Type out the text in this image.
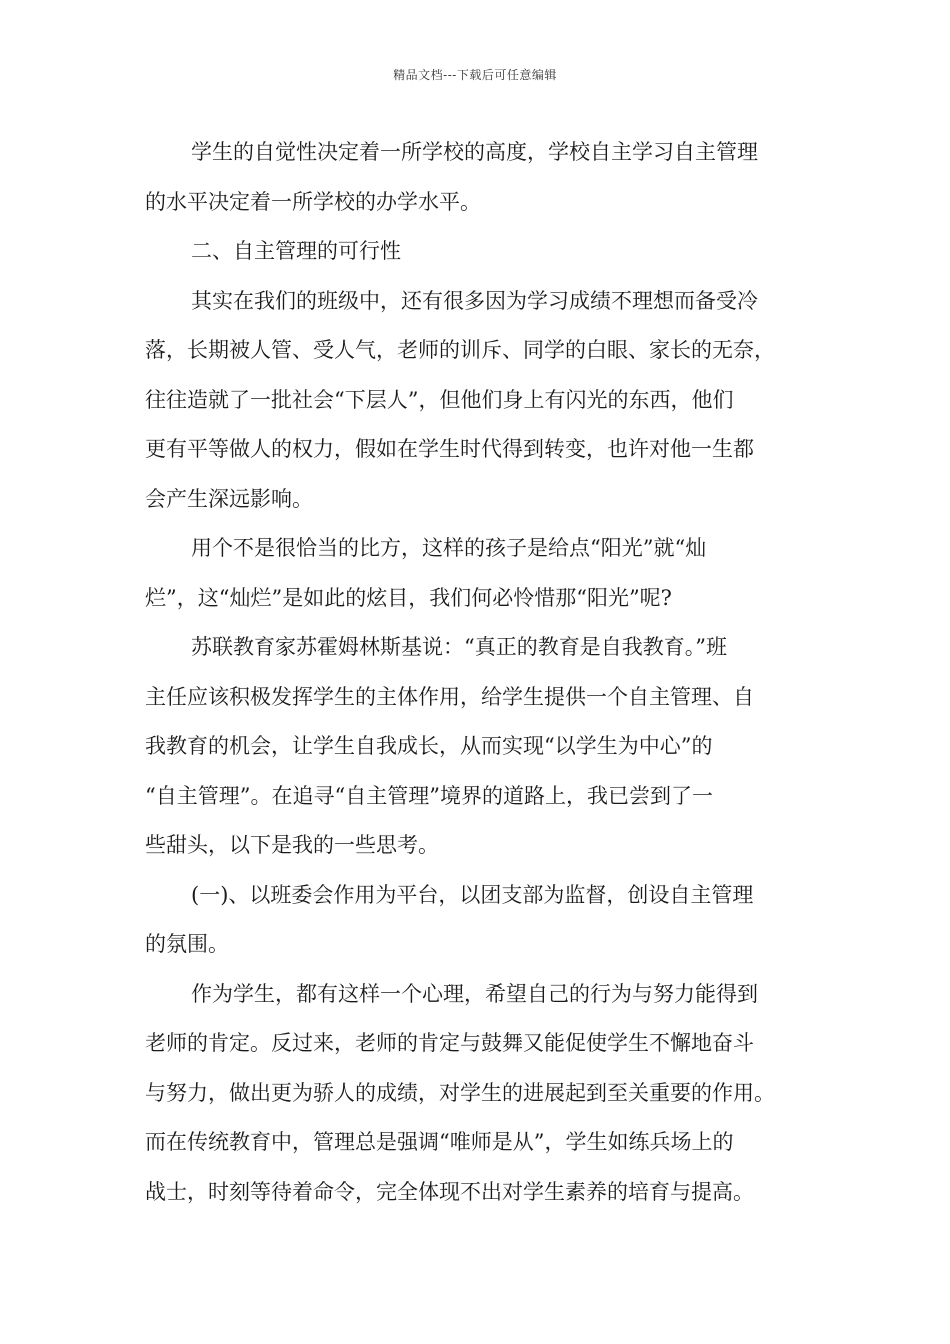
精品文档---下载后可任意编辑
学生的自觉性决定着一所学校的高度，学校自主学习自主管理
的水平决定着一所学校的办学水平。
二、自主管理的可行性
其实在我们的班级中，还有很多因为学习成绩不理想而备受冷
落，长期被人管、受人气，老师的训斥、同学的白眼、家长的无奈，
往往造就了一批社会“下层人”，但他们身上有闪光的东西，他们
更有平等做人的权力，假如在学生时代得到转变，也许对他一生都
会产生深远影响。
用个不是很恰当的比方，这样的孩子是给点“阳光”就“灿
烂”，这“灿烂”是如此的炫目，我们何必怜惜那“阳光”呢?
苏联教育家苏霍姆林斯基说：“真正的教育是自我教育。”班
主任应该积极发挥学生的主体作用，给学生提供一个自主管理、自
我教育的机会，让学生自我成长，从而实现“以学生为中心”的
“自主管理”。在追寻“自主管理”境界的道路上，我已尝到了一
些甜头，以下是我的一些思考。
(一)、以班委会作用为平台，以团支部为监督，创设自主管理
的氛围。
作为学生，都有这样一个心理，希望自己的行为与努力能得到
老师的肯定。反过来，老师的肯定与鼓舞又能促使学生不懈地奋斗
与努力，做出更为骄人的成绩，对学生的进展起到至关重要的作用。
而在传统教育中，管理总是强调“唯师是从”，学生如练兵场上的
战士，时刻等待着命令，完全体现不出对学生素养的培育与提高。
